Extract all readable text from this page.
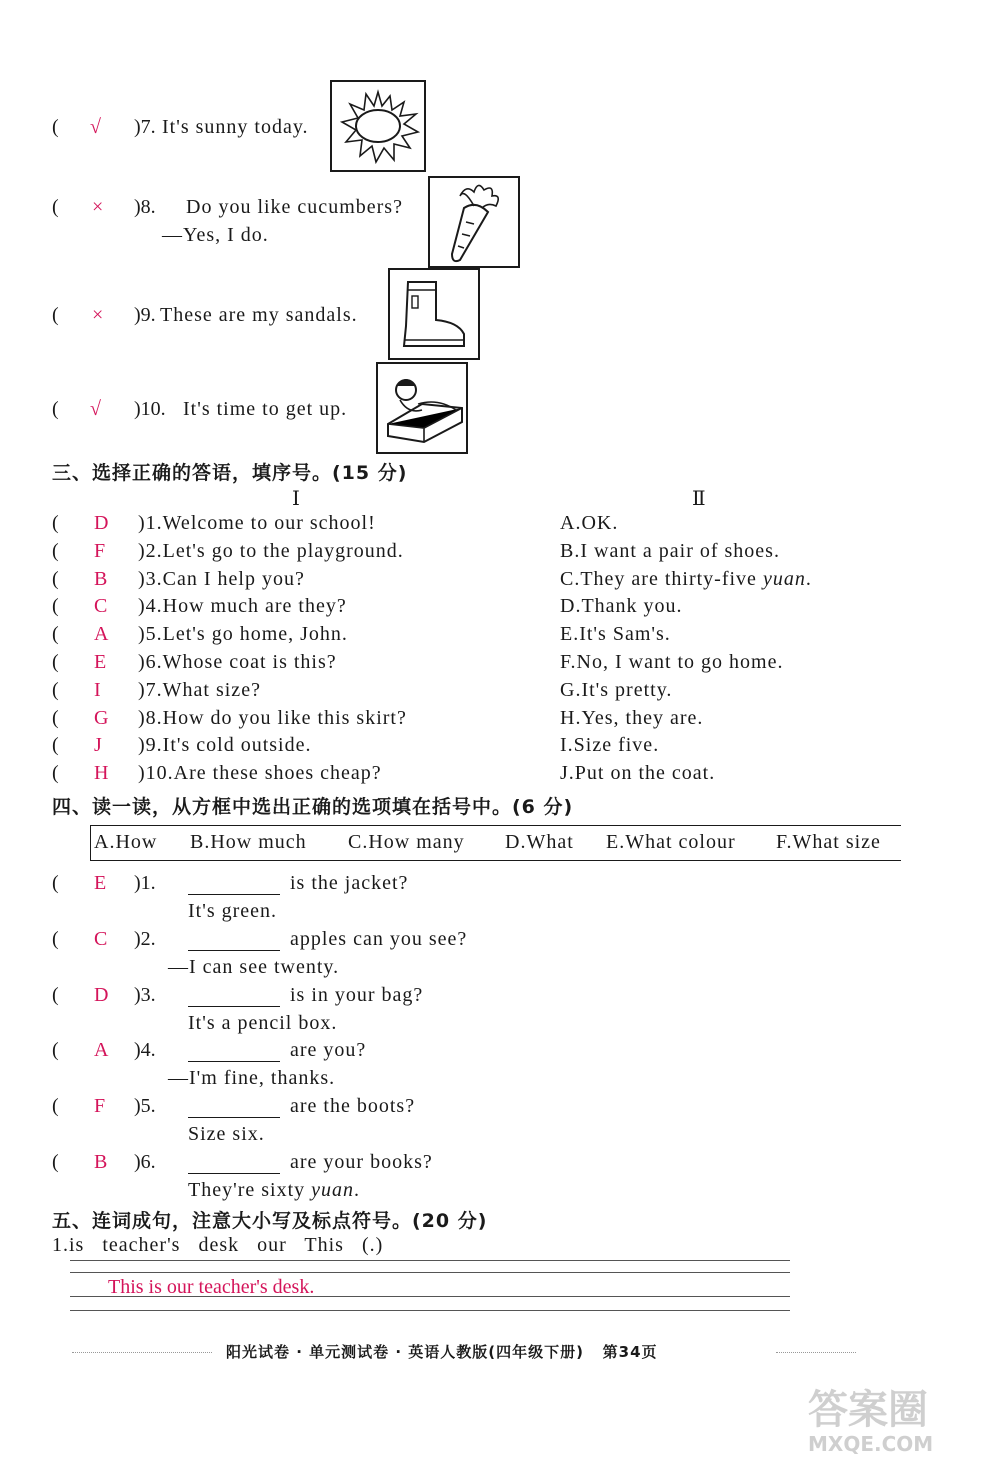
( √ )7. It's sunny today.
( × )8. Do you like cucumbers?
—Yes, I do.
( × )9. These are my sandals.
( √ )10. It's time to get up.
三、选择正确的答语，填序号。(15 分)
Ⅰ	Ⅱ
( D )1.Welcome to our school!	A.OK.
( F )2.Let's go to the playground.	B.I want a pair of shoes.
( B )3.Can I help you?	C.They are thirty-five yuan.
( C )4.How much are they?	D.Thank you.
( A )5.Let's go home, John.	E.It's Sam's.
( E )6.Whose coat is this?	F.No, I want to go home.
( I )7.What size?	G.It's pretty.
( G )8.How do you like this skirt?	H.Yes, they are.
( J )9.It's cold outside.	I.Size five.
( H )10.Are these shoes cheap?	J.Put on the coat.
四、读一读，从方框中选出正确的选项填在括号中。(6 分)
A.How B.How much C.How many D.What E.What colour F.What size
( E )1.	is the jacket?
It's green.
( C )2.	apples can you see?
—I can see twenty.
( D )3.	is in your bag?
It's a pencil box.
( A )4.	are you?
—I'm fine, thanks.
( F )5.	are the boots?
Size six.
( B )6.	are your books?
They're sixty yuan.
五、连词成句，注意大小写及标点符号。(20 分)
1.is   teacher's   desk   our   This   (.)
This is our teacher's desk.
阳光试卷 · 单元测试卷 · 英语人教版(四年级下册)   第34页
答案圈
MXQE.COM
